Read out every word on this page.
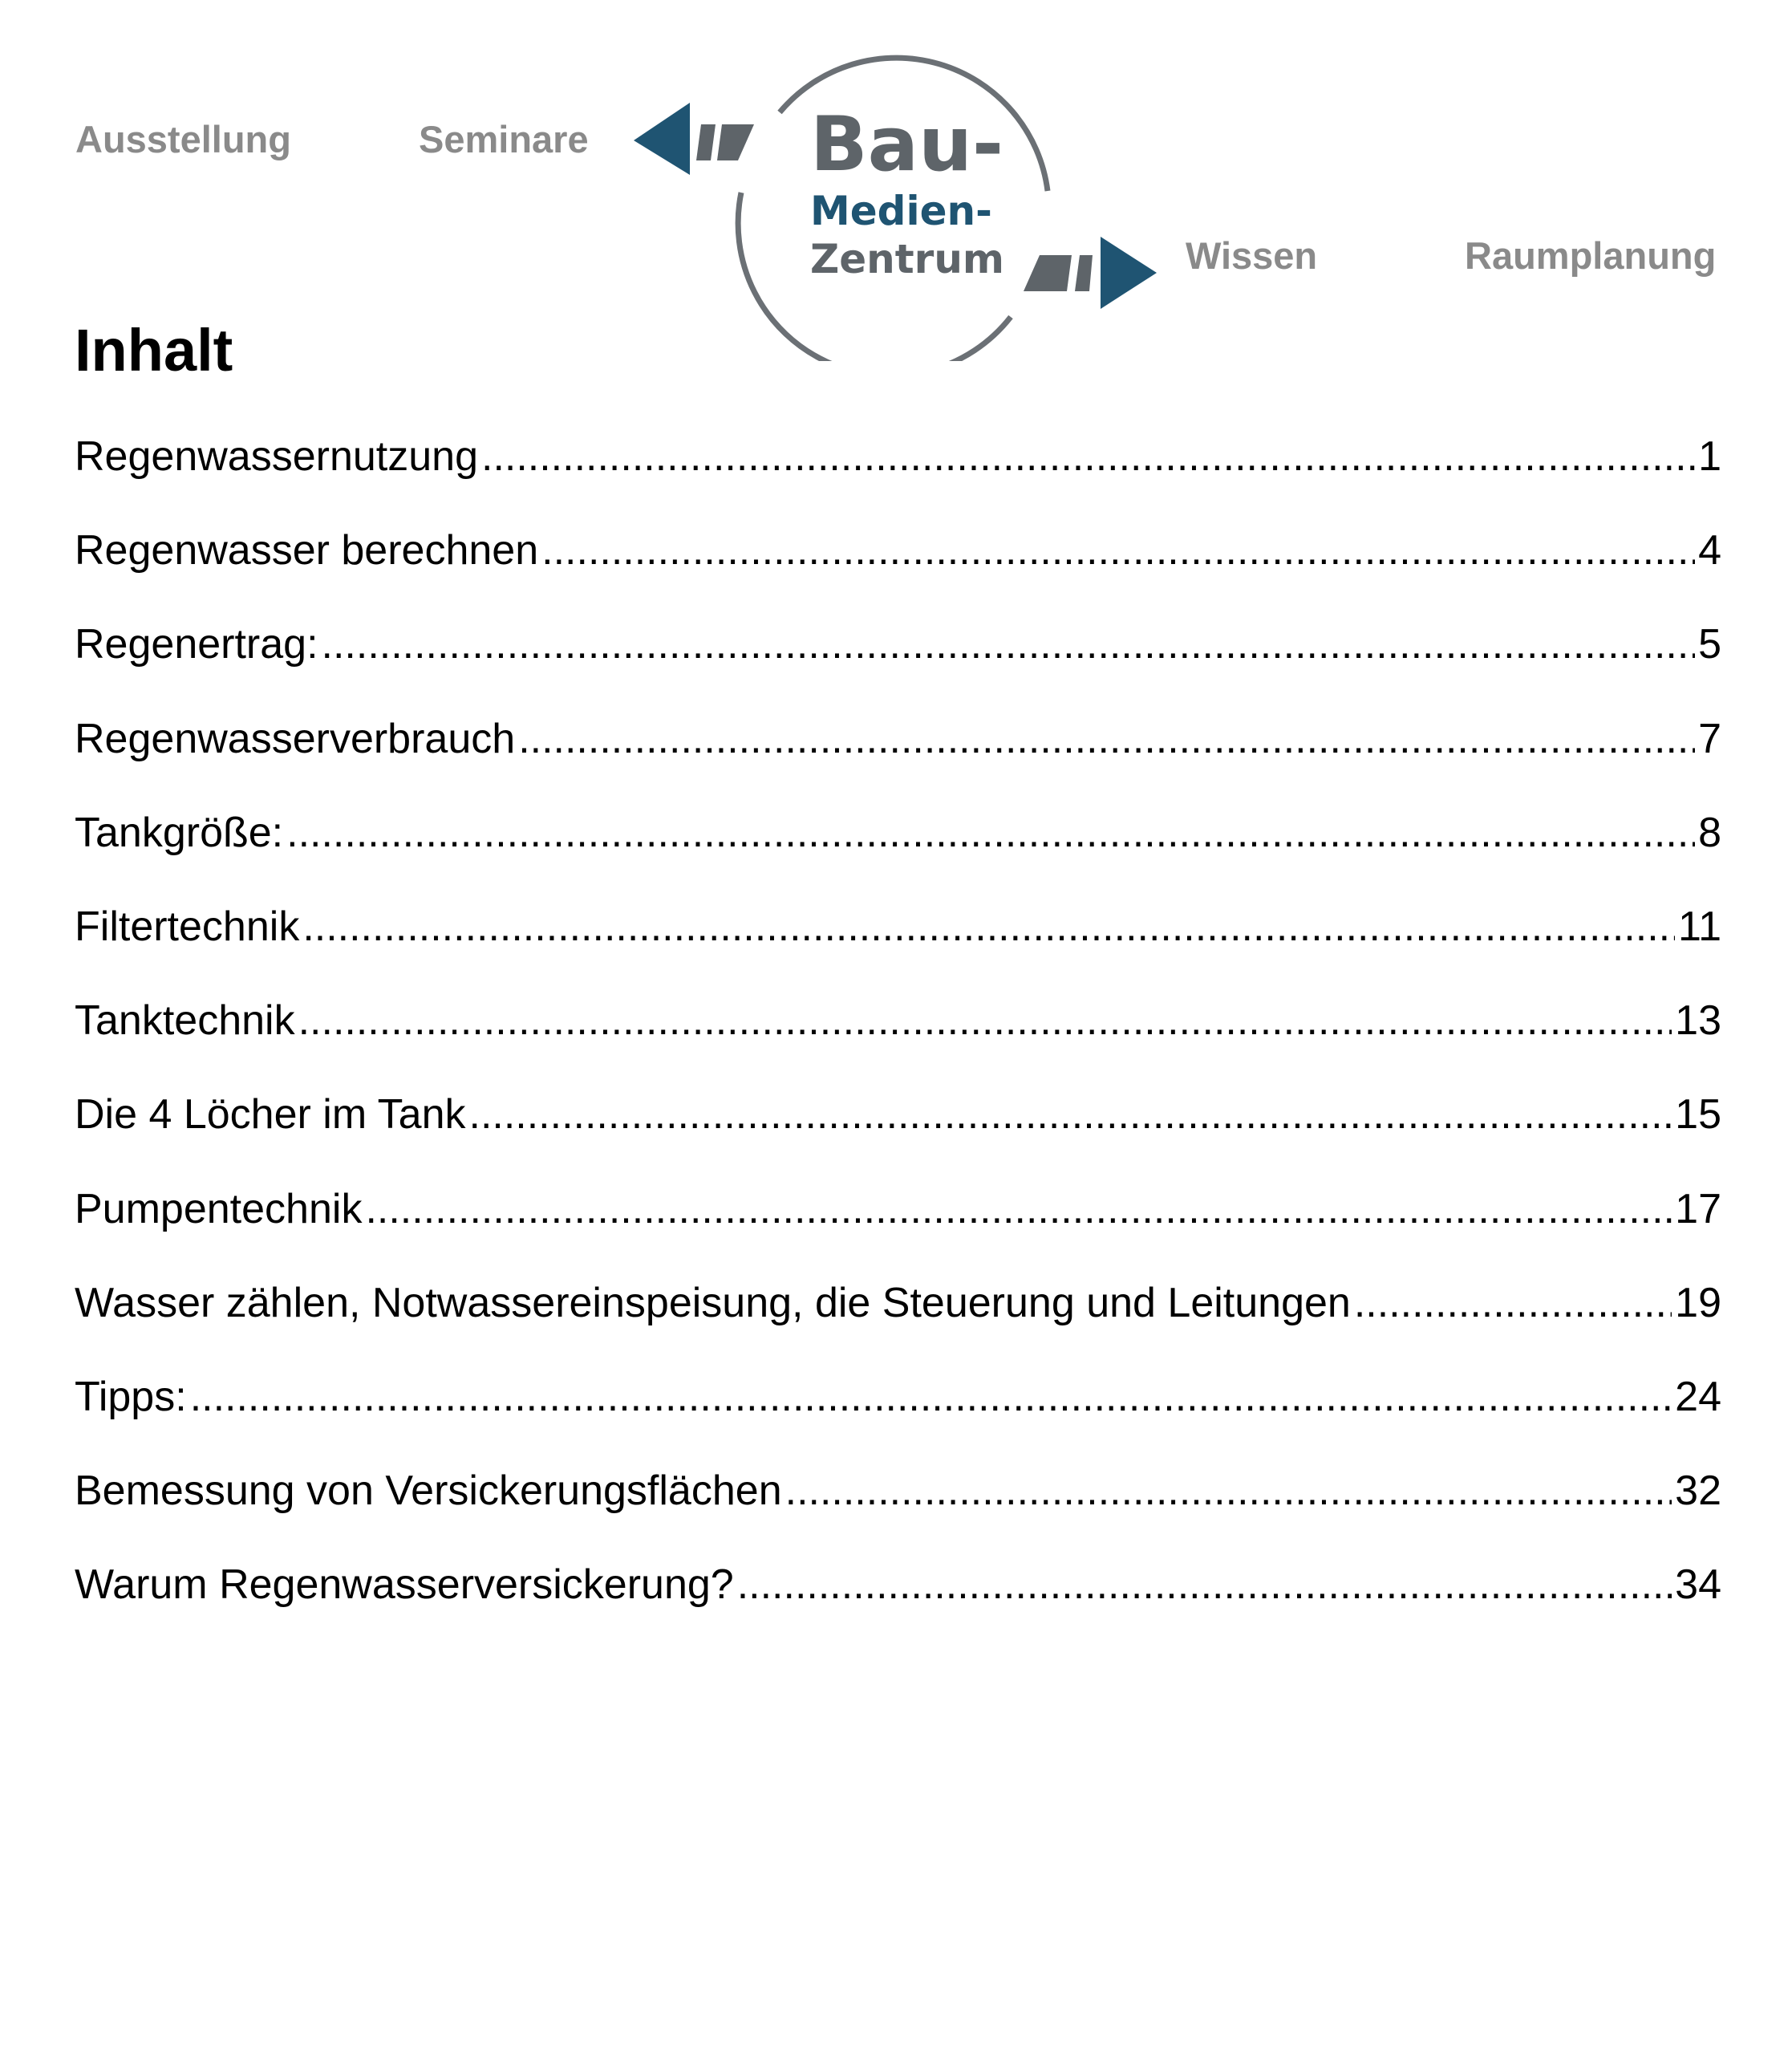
Ausstellung	Seminare	Bau-
Medien-
Zentrum	Wissen	Raumplanung
Inhalt
Regenwassernutzung .....	1
Regenwasser berechnen .....	4
Regenertrag: .....	5
Regenwasserverbrauch .....	7
Tankgröße: .....	8
Filtertechnik .....	11
Tanktechnik .....	13
Die 4 Löcher im Tank .....	15
Pumpentechnik .....	17
Wasser zählen, Notwassereinspeisung, die Steuerung und Leitungen .....	19
Tipps: .....	24
Bemessung von Versickerungsflächen .....	32
Warum Regenwasserversickerung? .....	34
